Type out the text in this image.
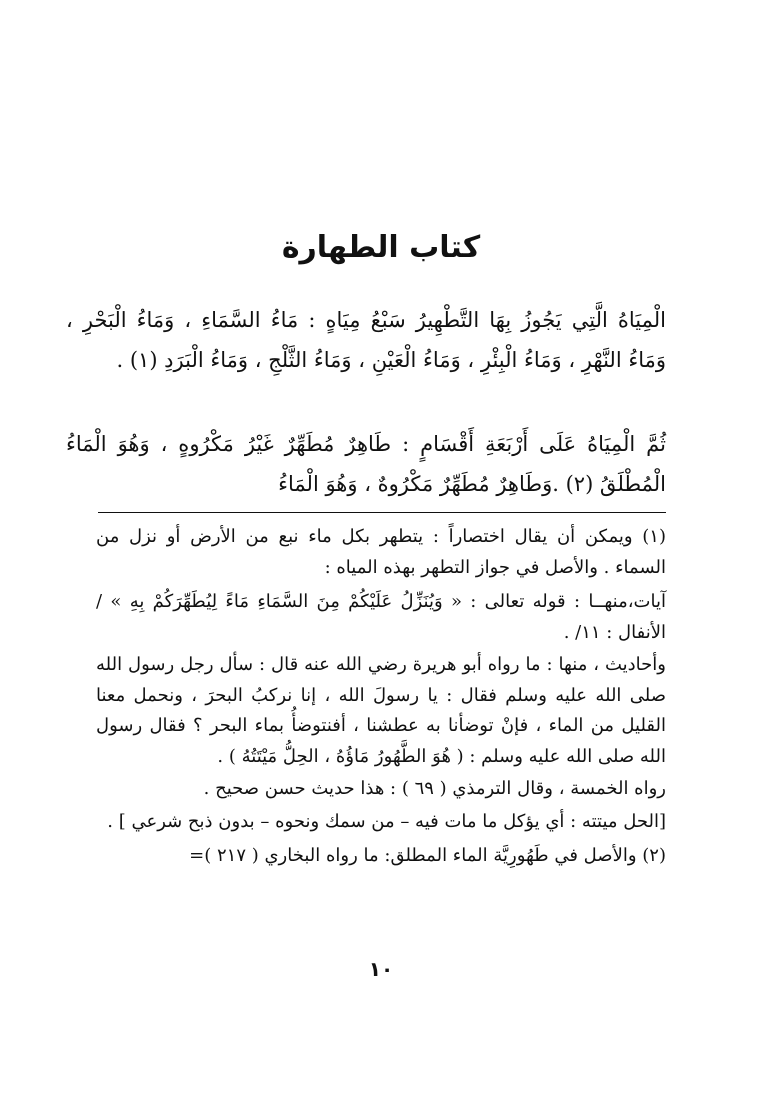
كتاب الطهارة

الْمِيَاهُ الَّتِي يَجُوزُ بِهَا التَّطْهِيرُ سَبْعُ مِيَاهٍ : مَاءُ السَّمَاءِ ، وَمَاءُ الْبَحْرِ ، وَمَاءُ النَّهْرِ ، وَمَاءُ الْبِئْرِ ، وَمَاءُ الْعَيْنِ ، وَمَاءُ الثَّلْجِ ، وَمَاءُ الْبَرَدِ (١) .

ثُمَّ الْمِيَاهُ عَلَى أَرْبَعَةِ أَقْسَامٍ : طَاهِرٌ مُطَهِّرٌ غَيْرُ مَكْرُوهٍ ، وَهُوَ الْمَاءُ الْمُطْلَقُ (٢) .وَطَاهِرٌ مُطَهِّرٌ مَكْرُوهٌ ، وَهُوَ الْمَاءُ

(١) ويمكن أن يقال اختصاراً : يتطهر بكل ماء نبع من الأرض أو نزل من السماء . والأصل في جواز التطهر بهذه المياه :

آيات،منهــا : قوله تعالى : « وَيُنَزِّلُ عَلَيْكُمْ مِنَ السَّمَاءِ مَاءً لِيُطَهِّرَكُمْ بِهِ » /الأنفال : ١١/ .

وأحاديث ، منها : ما رواه أبو هريرة رضي الله عنه قال : سأل رجل رسول الله صلى الله عليه وسلم فقال : يا رسولَ الله ، إنا نركبُ البحرَ ، ونحمل معنا القليل من الماء ، فإنْ توضأنا به عطشنا ، أفنتوضأُ بماء البحر ؟ فقال رسول الله صلى الله عليه وسلم : ( هُوَ الطَّهُورُ مَاؤُهُ ، الحِلُّ مَيْتَتُهُ ) .

رواه الخمسة ، وقال الترمذي ( ٦٩ ) : هذا حديث حسن صحيح .

[الحل ميتته : أي يؤكل ما مات فيه – من سمك ونحوه – بدون ذبح شرعي ] .

(٢) والأصل في طَهُورِيَّة الماء المطلق: ما رواه البخاري ( ٢١٧ )=

١٠
